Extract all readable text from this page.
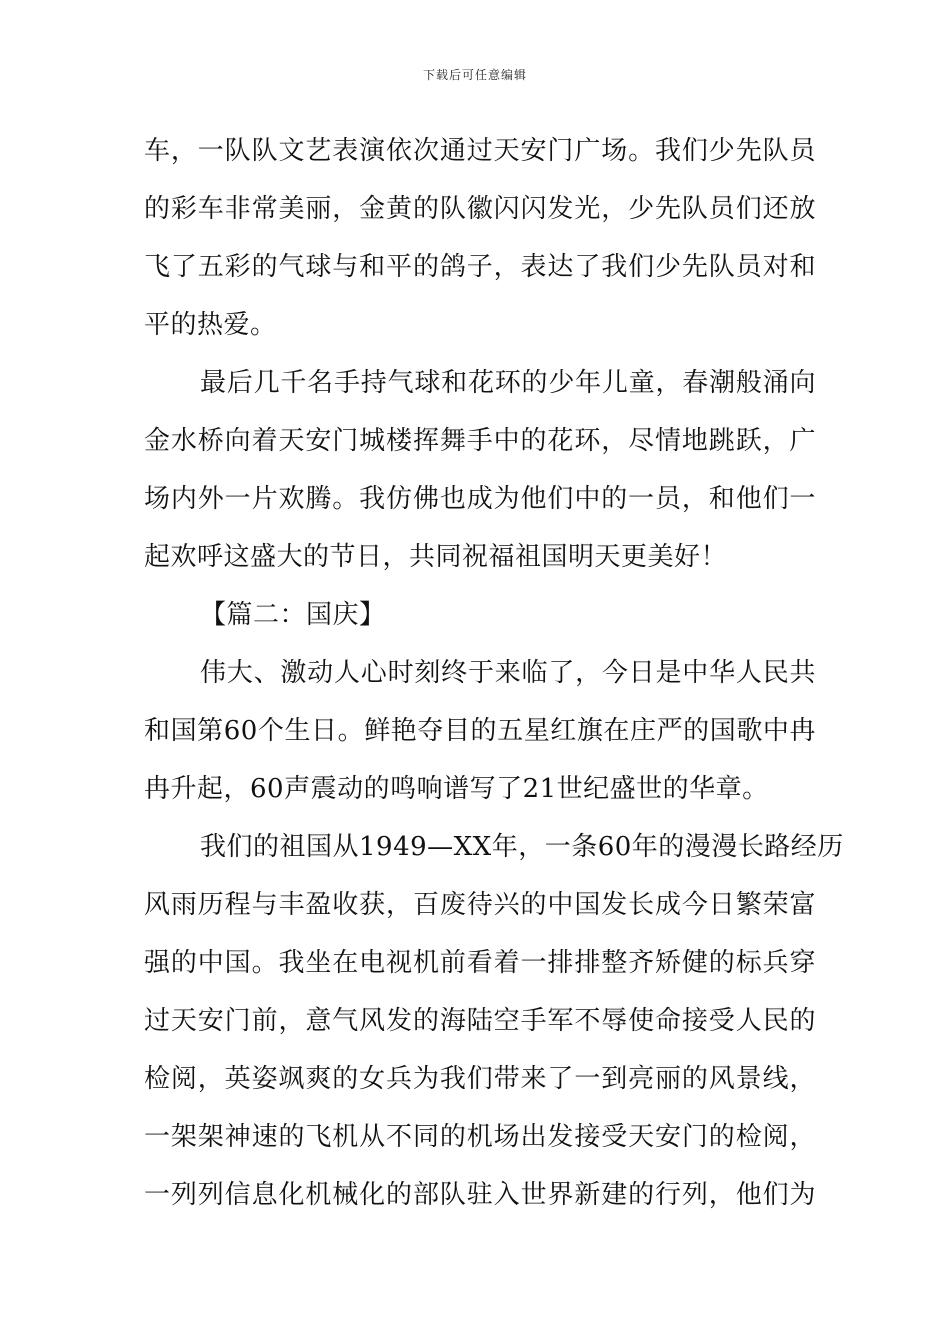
下载后可任意编辑

车，一队队文艺表演依次通过天安门广场。我们少先队员
的彩车非常美丽，金黄的队徽闪闪发光，少先队员们还放
飞了五彩的气球与和平的鸽子，表达了我们少先队员对和
平的热爱。

最后几千名手持气球和花环的少年儿童，春潮般涌向
金水桥向着天安门城楼挥舞手中的花环，尽情地跳跃，广
场内外一片欢腾。我仿佛也成为他们中的一员，和他们一
起欢呼这盛大的节日，共同祝福祖国明天更美好！

【篇二：国庆】

伟大、激动人心时刻终于来临了，今日是中华人民共
和国第60个生日。鲜艳夺目的五星红旗在庄严的国歌中冉
冉升起，60声震动的鸣响谱写了21世纪盛世的华章。

我们的祖国从1949—XX年，一条60年的漫漫长路经历
风雨历程与丰盈收获，百废待兴的中国发长成今日繁荣富
强的中国。我坐在电视机前看着一排排整齐矫健的标兵穿
过天安门前，意气风发的海陆空手军不辱使命接受人民的
检阅，英姿飒爽的女兵为我们带来了一到亮丽的风景线，
一架架神速的飞机从不同的机场出发接受天安门的检阅，
一列列信息化机械化的部队驻入世界新建的行列，他们为
